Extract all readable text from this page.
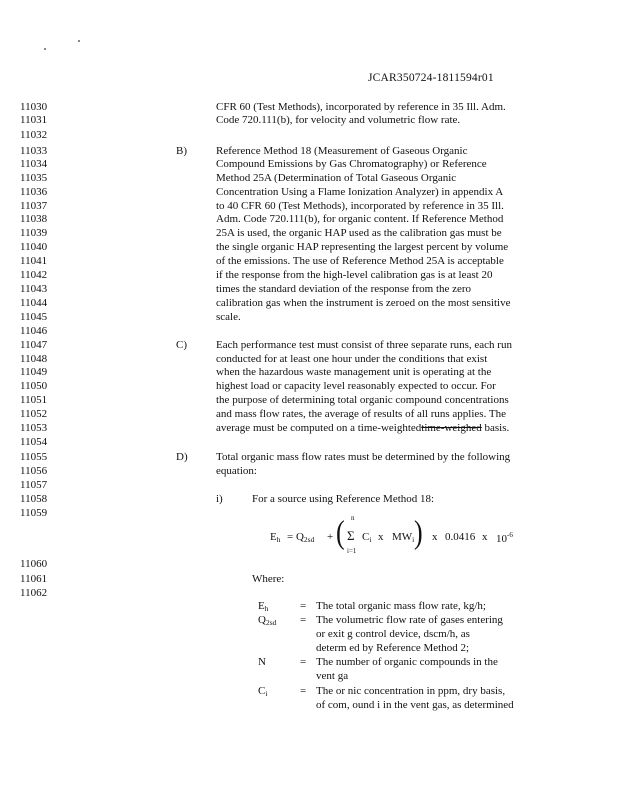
JCAR350724-1811594r01
11030
11031
11032
11033
11034
11035
11036
11037
11038
11039
11040
11041
11042
11043
11044
11045
11046
11047
11048
11049
11050
11051
11052
11053
11054
11055
11056
11057
11058
11059
11060
11061
11062
CFR 60 (Test Methods), incorporated by reference in 35 Ill. Adm.
Code 720.111(b), for velocity and volumetric flow rate.
B)	Reference Method 18 (Measurement of Gaseous Organic
Compound Emissions by Gas Chromatography) or Reference
Method 25A (Determination of Total Gaseous Organic
Concentration Using a Flame Ionization Analyzer) in appendix A
to 40 CFR 60 (Test Methods), incorporated by reference in 35 Ill.
Adm. Code 720.111(b), for organic content. If Reference Method
25A is used, the organic HAP used as the calibration gas must be
the single organic HAP representing the largest percent by volume
of the emissions. The use of Reference Method 25A is acceptable
if the response from the high-level calibration gas is at least 20
times the standard deviation of the response from the zero
calibration gas when the instrument is zeroed on the most sensitive
scale.
C)	Each performance test must consist of three separate runs, each run
conducted for at least one hour under the conditions that exist
when the hazardous waste management unit is operating at the
highest load or capacity level reasonably expected to occur. For
the purpose of determining total organic compound concentrations
and mass flow rates, the average of results of all runs applies. The
average must be computed on a time-weightedtime-weighed basis.
D)	Total organic mass flow rates must be determined by the following
equation:
i)	For a source using Reference Method 18:
$E_h = Q_{2sd}$ + ( n
Σ
i=1
$C_i$ x $MW_i$ ) x 0.0416 x $10^{-6}$
Where:
$E_h$	= The total organic mass flow rate, kg/h;
$Q_{2sd}$ = The volumetric flow rate of gases entering
or exit g control device, dscm/h, as
determ ed by Reference Method 2;
N	= The number of organic compounds in the
vent ga
$C_i$	= The or nic concentration in ppm, dry basis,
of com, ound i in the vent gas, as determined
